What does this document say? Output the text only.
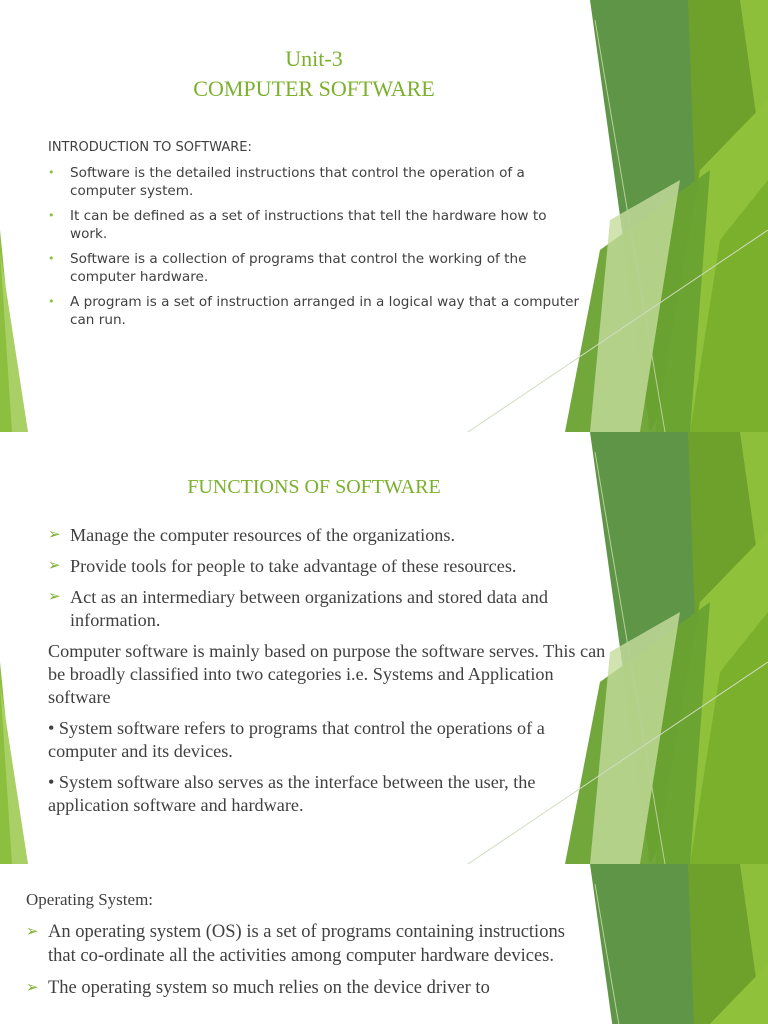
Unit-3
COMPUTER SOFTWARE
INTRODUCTION TO SOFTWARE:
• Software is the detailed instructions that control the operation of a computer system.
• It can be defined as a set of instructions that tell the hardware how to work.
• Software is a collection of programs that control the working of the computer hardware.
• A program is a set of instruction arranged in a logical way that a computer can run.
FUNCTIONS OF SOFTWARE
➢ Manage the computer resources of the organizations.
➢ Provide tools for people to take advantage of these resources.
➢ Act as an intermediary between organizations and stored data and information.
Computer software is mainly based on purpose the software serves. This can be broadly classified into two categories i.e. Systems and Application software
• System software refers to programs that control the operations of a computer and its devices.
• System software also serves as the interface between the user, the application software and hardware.
Operating System:
➢ An operating system (OS) is a set of programs containing instructions that co-ordinate all the activities among computer hardware devices.
➢ The operating system so much relies on the device driver to
